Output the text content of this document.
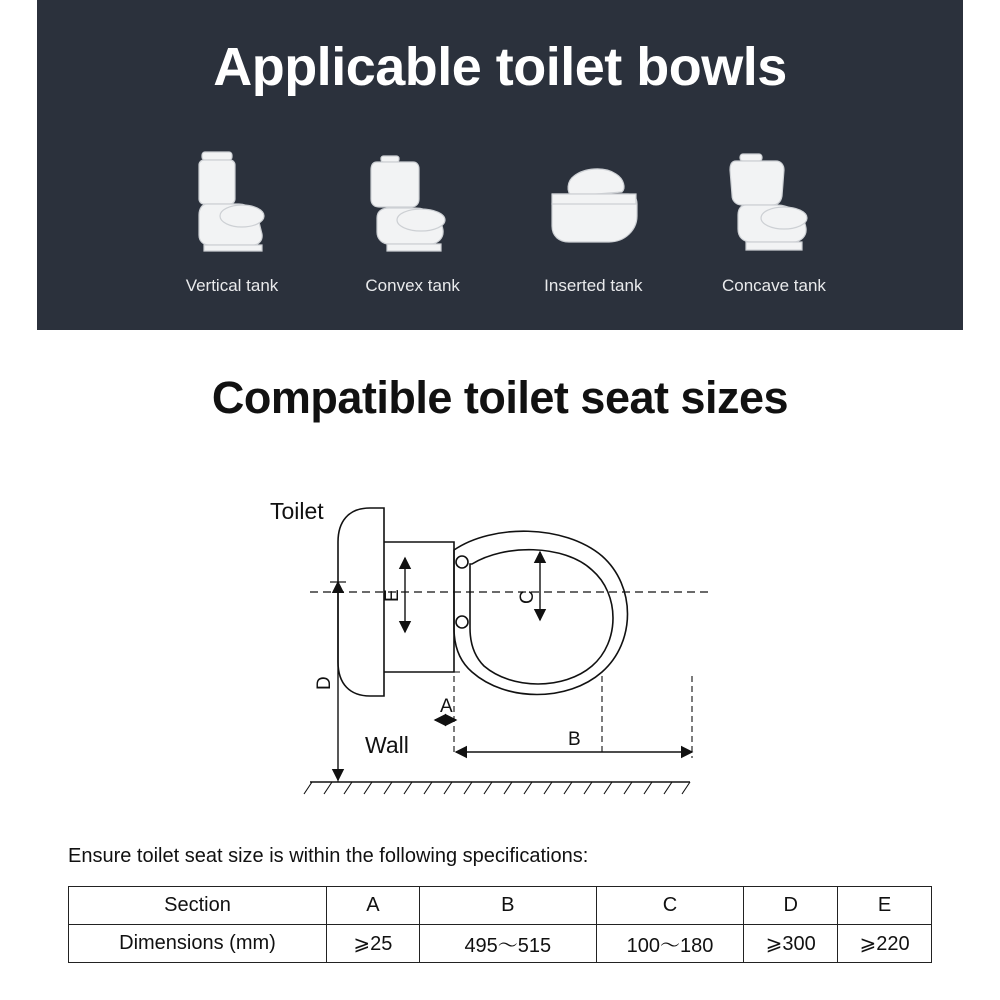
Applicable toilet bowls
Vertical tank	Convex tank	Inserted tank	Concave tank
Compatible toilet seat sizes
E	C
D
A
B
Toilet
Wall
Ensure toilet seat size is within the following specifications:
Section	A	B	C	D	E
Dimensions (mm)	⩾25	495～515	100～180	⩾300	⩾220
